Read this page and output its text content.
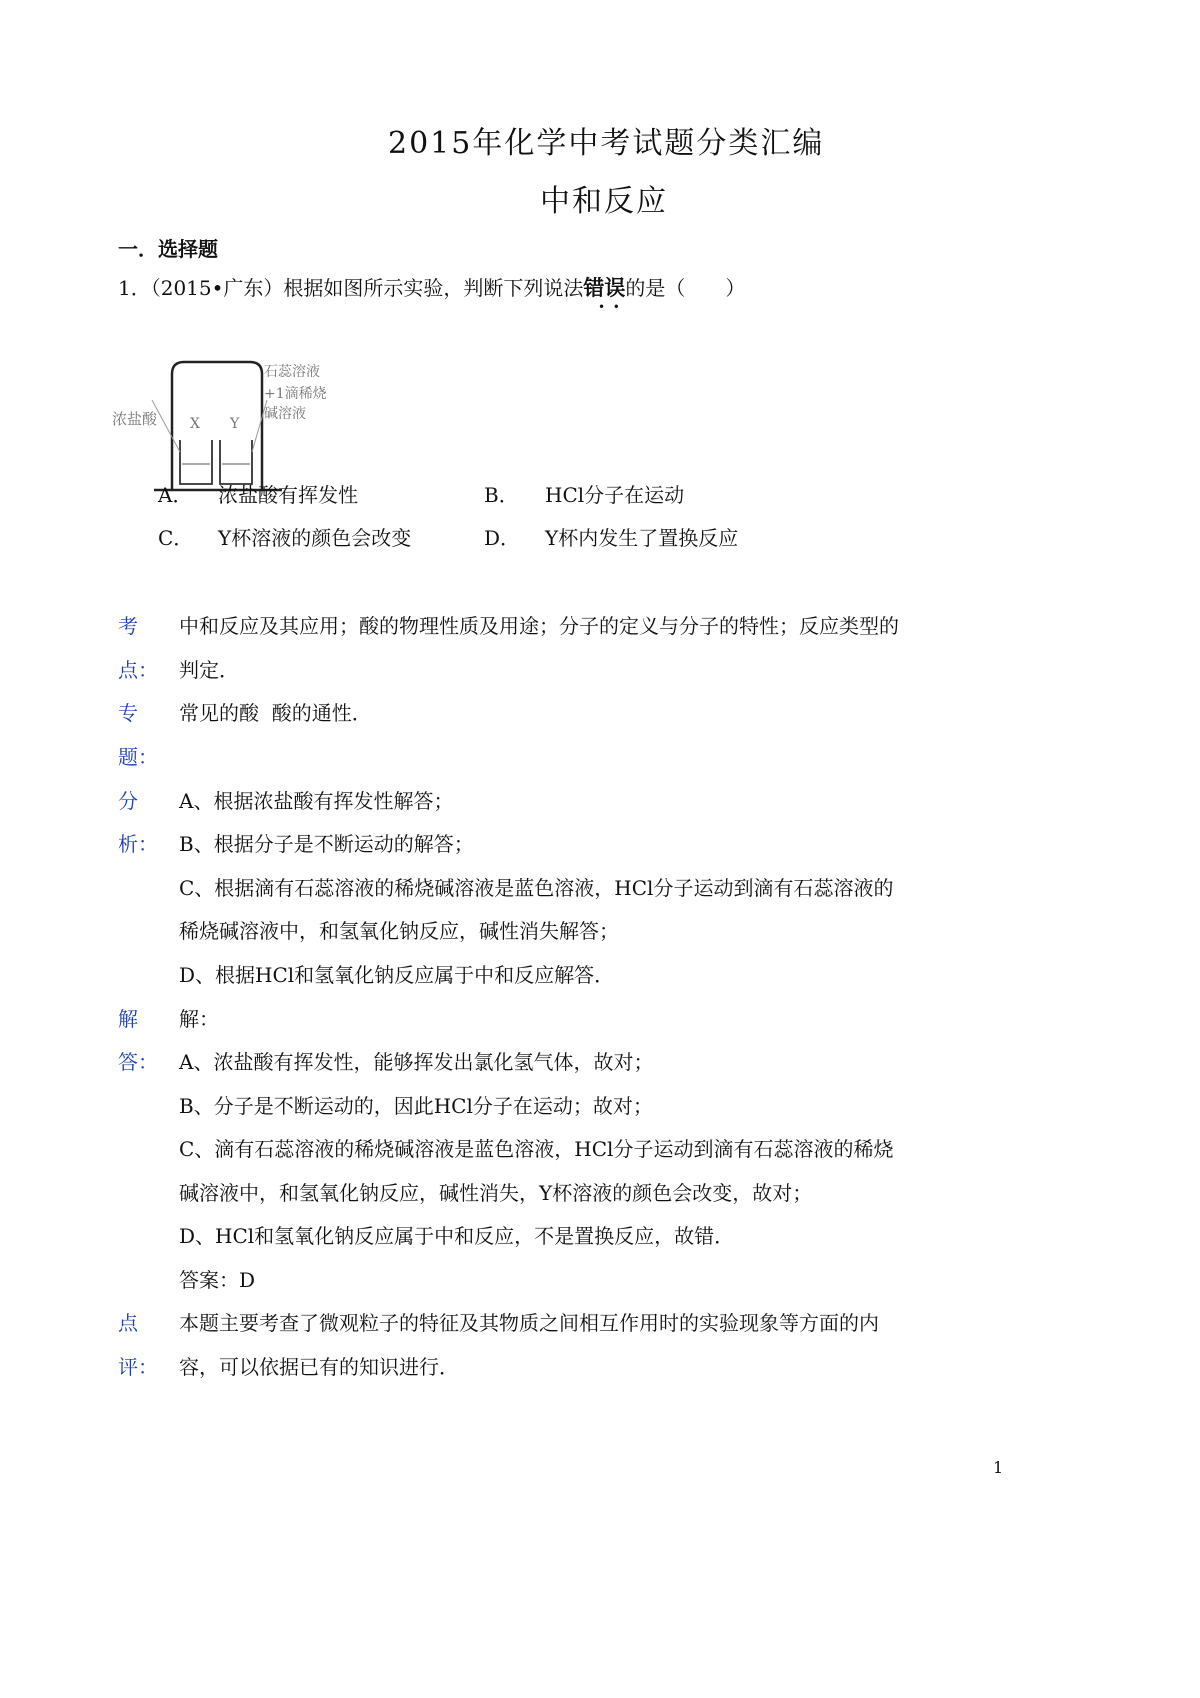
2015年化学中考试题分类汇编
中和反应
一．选择题
1．（2015•广东）根据如图所示实验，判断下列说法错误的是（　　）
•  •
X Y
浓盐酸
石蕊溶液
+1滴稀烧
碱溶液
A． 浓盐酸有挥发性	B． HCl分子在运动
C． Y杯溶液的颜色会改变	D． Y杯内发生了置换反应
考
点：
中和反应及其应用；酸的物理性质及用途；分子的定义与分子的特性；反应类型的
判定．
专
题：
常见的酸  酸的通性．
分
析：
A、根据浓盐酸有挥发性解答；
B、根据分子是不断运动的解答；
C、根据滴有石蕊溶液的稀烧碱溶液是蓝色溶液，HCl分子运动到滴有石蕊溶液的
稀烧碱溶液中，和氢氧化钠反应，碱性消失解答；
D、根据HCl和氢氧化钠反应属于中和反应解答．
解
答：
解：
A、浓盐酸有挥发性，能够挥发出氯化氢气体，故对；
B、分子是不断运动的，因此HCl分子在运动；故对；
C、滴有石蕊溶液的稀烧碱溶液是蓝色溶液，HCl分子运动到滴有石蕊溶液的稀烧
碱溶液中，和氢氧化钠反应，碱性消失，Y杯溶液的颜色会改变，故对；
D、HCl和氢氧化钠反应属于中和反应，不是置换反应，故错．
答案：D
点
评：
本题主要考查了微观粒子的特征及其物质之间相互作用时的实验现象等方面的内
容，可以依据已有的知识进行．
1
